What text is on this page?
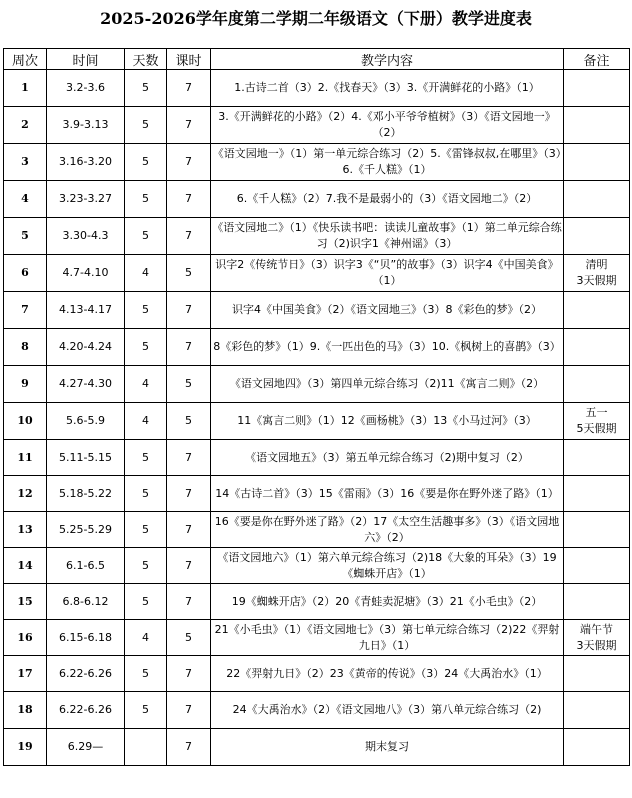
2025-2026学年度第二学期二年级语文（下册）教学进度表
周次	时间	天数	课时	教学内容	备注
1	3.2-3.6	5	7	1.古诗二首（3）2.《找春天》（3）3.《开满鲜花的小路》（1）	

2	3.9-3.13	5	7	3.《开满鲜花的小路》（2）4.《邓小平爷爷植树》（3）《语文园地一》（2）	

3	3.16-3.20	5	7	《语文园地一》（1）第一单元综合练习（2）5.《雷锋叔叔,在哪里》（3）6.《千人糕》（1）	

4	3.23-3.27	5	7	6.《千人糕》（2）7.我不是最弱小的（3）《语文园地二》（2）	

5	3.30-4.3	5	7	《语文园地二》（1）《快乐读书吧：读读儿童故事》（1）第二单元综合练习（2)识字1《神州谣》（3）	

6	4.7-4.10	4	5	识字2《传统节日》（3）识字3《“贝”的故事》（3）识字4《中国美食》（1）	清明
3天假期

7	4.13-4.17	5	7	识字4《中国美食》（2）《语文园地三》（3）8《彩色的梦》（2）	

8	4.20-4.24	5	7	8《彩色的梦》（1）9.《一匹出色的马》（3）10.《枫树上的喜鹊》（3）	

9	4.27-4.30	4	5	《语文园地四》（3）第四单元综合练习（2)11《寓言二则》（2）	

10	5.6-5.9	4	5	11《寓言二则》（1）12《画杨桃》（3）13《小马过河》（3）	五一
5天假期

11	5.11-5.15	5	7	《语文园地五》（3）第五单元综合练习（2)期中复习（2）	

12	5.18-5.22	5	7	14《古诗二首》（3）15《雷雨》（3）16《要是你在野外迷了路》（1）	

13	5.25-5.29	5	7	16《要是你在野外迷了路》（2）17《太空生活趣事多》（3）《语文园地六》（2）	

14	6.1-6.5	5	7	《语文园地六》（1）第六单元综合练习（2)18《大象的耳朵》（3）19《蜘蛛开店》（1）	

15	6.8-6.12	5	7	19《蜘蛛开店》（2）20《青蛙卖泥塘》（3）21《小毛虫》（2）	

16	6.15-6.18	4	5	21《小毛虫》（1）《语文园地七》（3）第七单元综合练习（2)22《羿射九日》（1）	端午节
3天假期

17	6.22-6.26	5	7	22《羿射九日》（2）23《黄帝的传说》（3）24《大禹治水》（1）	

18	6.22-6.26	5	7	24《大禹治水》（2）《语文园地八》（3）第八单元综合练习（2)	

19	6.29—		7	期末复习	
